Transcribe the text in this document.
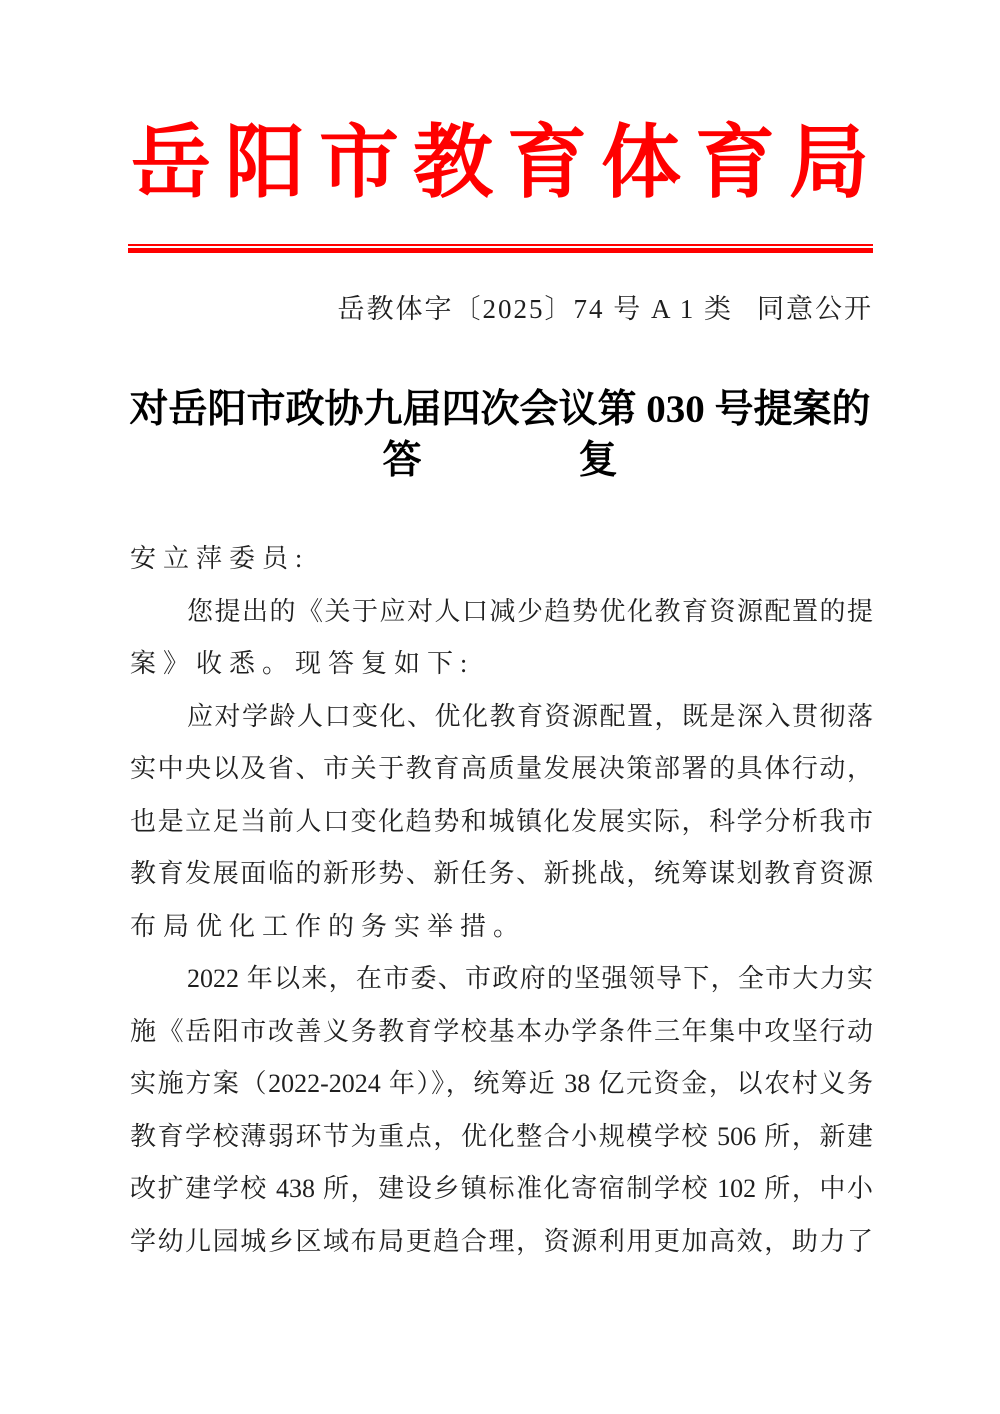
岳阳市教育体育局
岳教体字〔2025〕74 号 A 1 类 同意公开
对岳阳市政协九届四次会议第 030 号提案的
答	复
安立萍委员:
您提出的《关于应对人口减少趋势优化教育资源配置的提
案》收悉。现答复如下:
应对学龄人口变化、优化教育资源配置，既是深入贯彻落
实中央以及省、市关于教育高质量发展决策部署的具体行动，
也是立足当前人口变化趋势和城镇化发展实际，科学分析我市
教育发展面临的新形势、新任务、新挑战，统筹谋划教育资源
布局优化工作的务实举措。
2022 年以来，在市委、市政府的坚强领导下，全市大力实
施《岳阳市改善义务教育学校基本办学条件三年集中攻坚行动
实施方案（2022-2024 年）》，统筹近 38 亿元资金，以农村义务
教育学校薄弱环节为重点，优化整合小规模学校 506 所，新建
改扩建学校 438 所，建设乡镇标准化寄宿制学校 102 所，中小
学幼儿园城乡区域布局更趋合理，资源利用更加高效，助力了
